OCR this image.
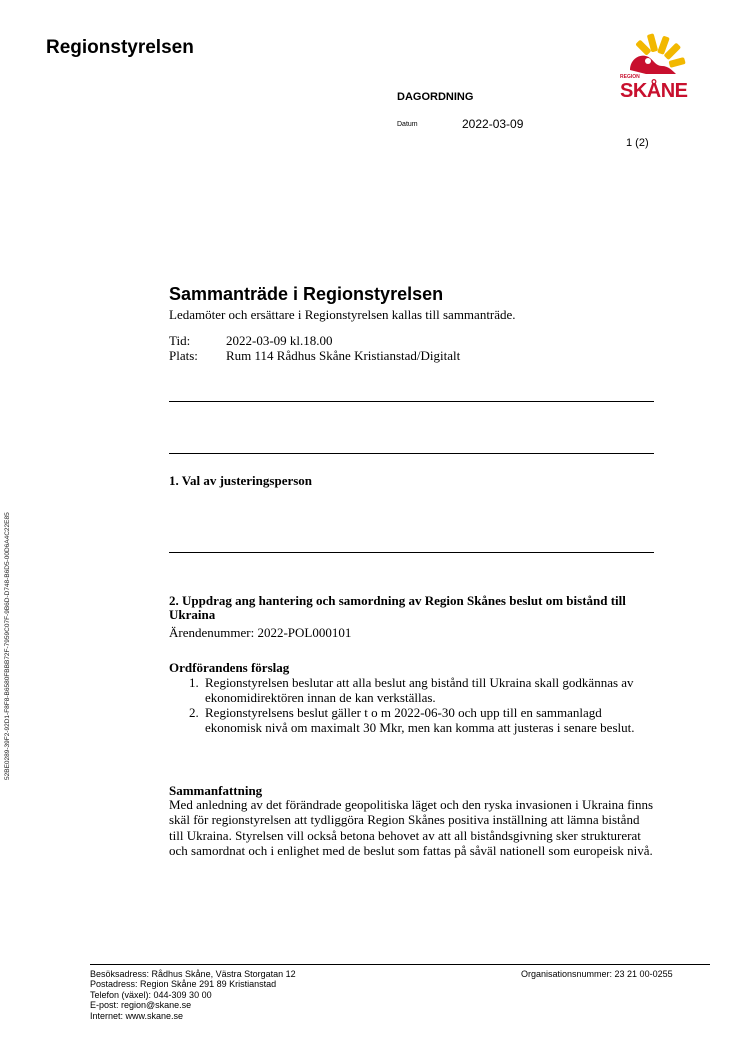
Regionstyrelsen
DAGORDNING
Datum	2022-03-09
1 (2)
REGION
SKÅNE
52BE0289-39F2-92D1-F8F8-B6580FBBB72F-7959C07F-9B6D-D748-B6D5-00D6A4C22E85
Sammanträde i Regionstyrelsen
Ledamöter och ersättare i Regionstyrelsen kallas till sammanträde.
Tid:	2022-03-09 kl.18.00
Plats: Rum 114 Rådhus Skåne Kristianstad/Digitalt
1. Val av justeringsperson
2. Uppdrag ang hantering och samordning av Region Skånes beslut om bistånd till Ukraina
Ärendenummer: 2022-POL000101
Ordförandens förslag
1. Regionstyrelsen beslutar att alla beslut ang bistånd till Ukraina skall godkännas av ekonomidirektören innan de kan verkställas.
2. Regionstyrelsens beslut gäller t o m 2022-06-30 och upp till en sammanlagd ekonomisk nivå om maximalt 30 Mkr, men kan komma att justeras i senare beslut.
Sammanfattning
Med anledning av det förändrade geopolitiska läget och den ryska invasionen i Ukraina finns skäl för regionstyrelsen att tydliggöra Region Skånes positiva inställning att lämna bistånd till Ukraina. Styrelsen vill också betona behovet av att all biståndsgivning sker strukturerat och samordnat och i enlighet med de beslut som fattas på såväl nationell som europeisk nivå.
Besöksadress: Rådhus Skåne, Västra Storgatan 12
Postadress: Region Skåne 291 89 Kristianstad
Telefon (växel): 044-309 30 00
E-post: region@skane.se
Internet: www.skane.se
Organisationsnummer: 23 21 00-0255
